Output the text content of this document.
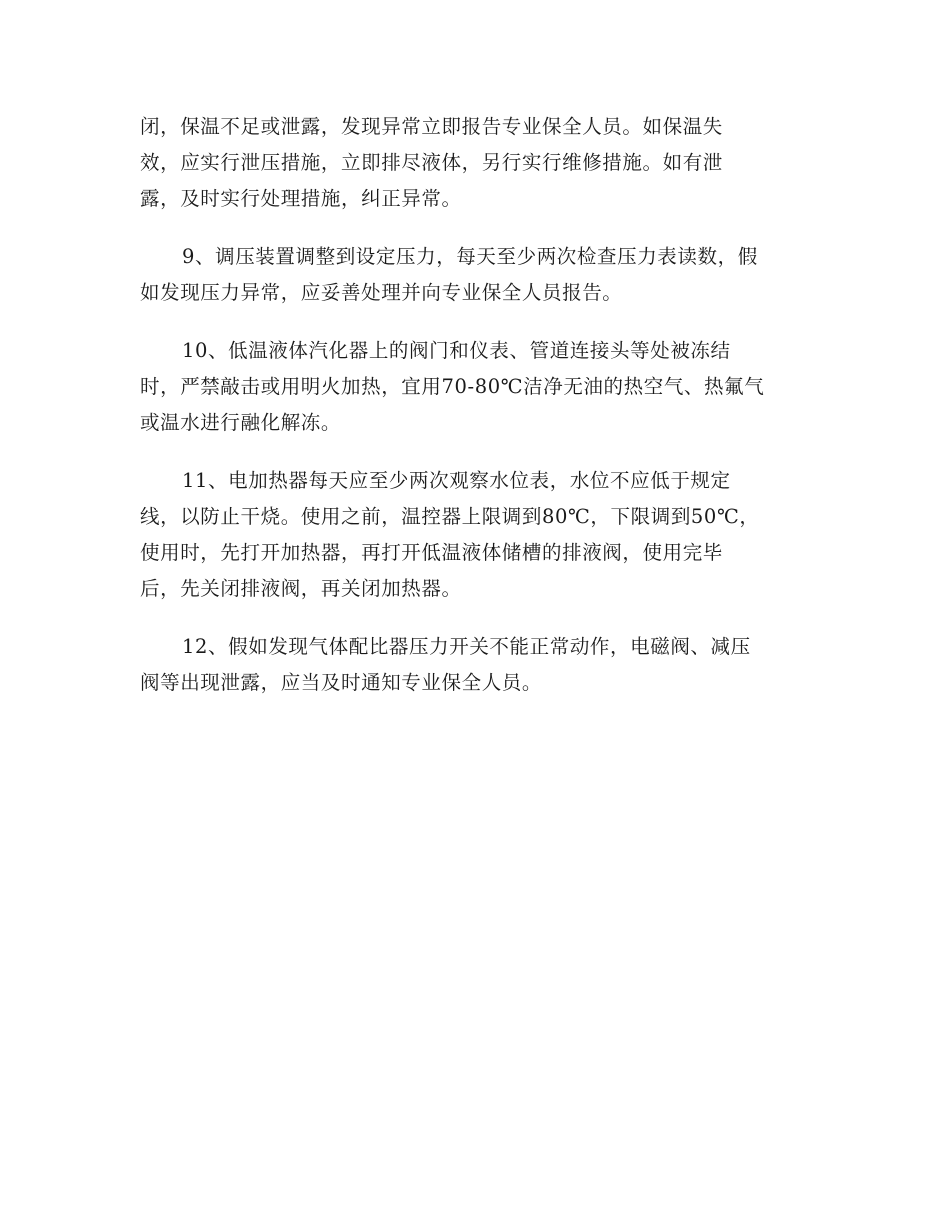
闭，保温不足或泄露，发现异常立即报告专业保全人员。如保温失
效，应实行泄压措施，立即排尽液体，另行实行维修措施。如有泄
露，及时实行处理措施，纠正异常。

9、调压装置调整到设定压力，每天至少两次检查压力表读数，假
如发现压力异常，应妥善处理并向专业保全人员报告。

10、低温液体汽化器上的阀门和仪表、管道连接头等处被冻结
时，严禁敲击或用明火加热，宜用70-80℃洁净无油的热空气、热氟气
或温水进行融化解冻。

11、电加热器每天应至少两次观察水位表，水位不应低于规定
线，以防止干烧。使用之前，温控器上限调到80℃，下限调到50℃，
使用时，先打开加热器，再打开低温液体储槽的排液阀，使用完毕
后，先关闭排液阀，再关闭加热器。

12、假如发现气体配比器压力开关不能正常动作，电磁阀、减压
阀等出现泄露，应当及时通知专业保全人员。
